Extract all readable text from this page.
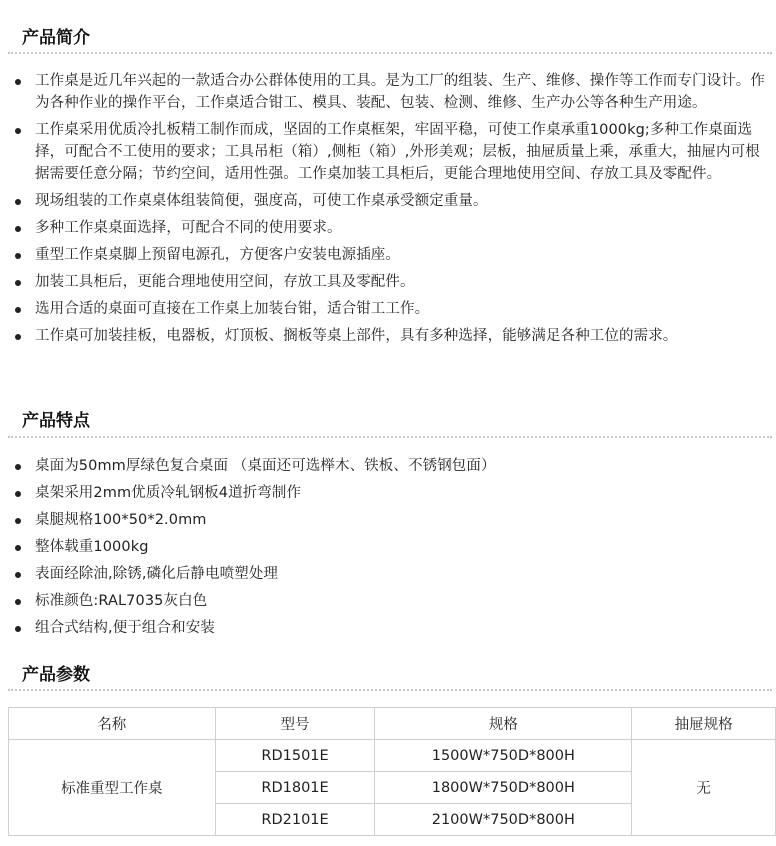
产品简介
工作桌是近几年兴起的一款适合办公群体使用的工具。是为工厂的组装、生产、维修、操作等工作而专门设计。作为各种作业的操作平台，工作桌适合钳工、模具、装配、包装、检测、维修、生产办公等各种生产用途。
工作桌采用优质冷扎板精工制作而成，坚固的工作桌框架，牢固平稳，可使工作桌承重1000kg;多种工作桌面选择，可配合不工使用的要求；工具吊柜（箱）,侧柜（箱）,外形美观；层板，抽屉质量上乘，承重大，抽屉内可根据需要任意分隔；节约空间，适用性强。工作桌加装工具柜后，更能合理地使用空间、存放工具及零配件。
现场组装的工作桌桌体组装简便，强度高，可使工作桌承受额定重量。
多种工作桌桌面选择，可配合不同的使用要求。
重型工作桌桌脚上预留电源孔，方便客户安装电源插座。
加装工具柜后，更能合理地使用空间，存放工具及零配件。
选用合适的桌面可直接在工作桌上加装台钳，适合钳工工作。
工作桌可加装挂板，电器板，灯顶板、搁板等桌上部件，具有多种选择，能够满足各种工位的需求。
产品特点
桌面为50mm厚绿色复合桌面 （桌面还可选榉木、铁板、不锈钢包面）
桌架采用2mm优质冷轧钢板4道折弯制作
桌腿规格100*50*2.0mm
整体载重1000kg
表面经除油,除锈,磷化后静电喷塑处理
标准颜色:RAL7035灰白色
组合式结构,便于组合和安装
产品参数
名称	型号	规格	抽屉规格
标准重型工作桌	RD1501E	1500W*750D*800H	无
	RD1801E	1800W*750D*800H	
	RD2101E	2100W*750D*800H	
